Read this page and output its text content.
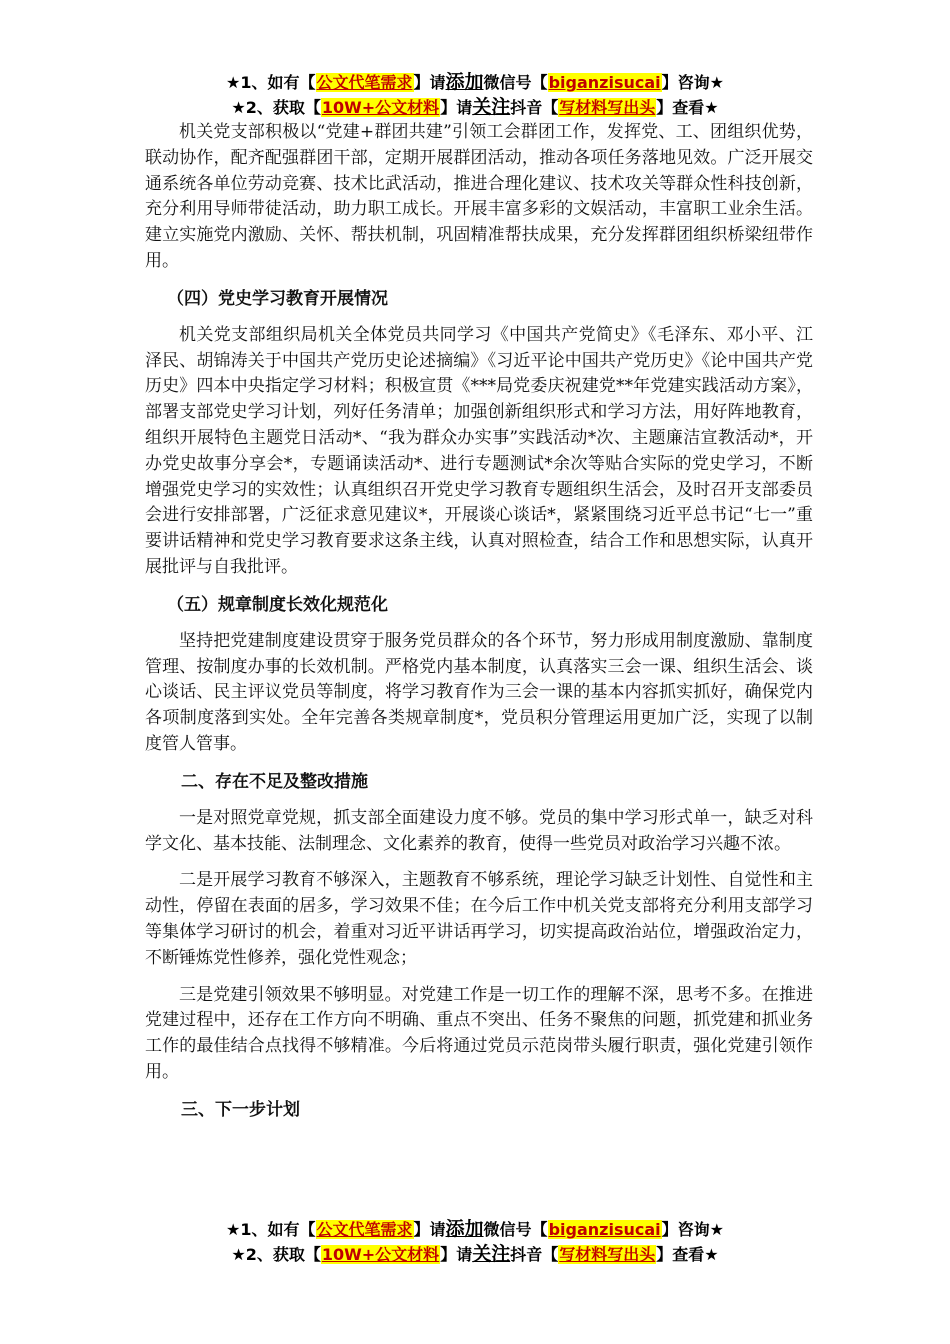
★1、如有【公文代笔需求】请添加微信号【biganzisucai】咨询★
★2、获取【10W+公文材料】请关注抖音【写材料写出头】查看★

机关党支部积极以“党建+群团共建”引领工会群团工作，发挥党、工、团组织优势，联动协作，配齐配强群团干部，定期开展群团活动，推动各项任务落地见效。广泛开展交通系统各单位劳动竞赛、技术比武活动，推进合理化建议、技术攻关等群众性科技创新，充分利用导师带徒活动，助力职工成长。开展丰富多彩的文娱活动，丰富职工业余生活。建立实施党内激励、关怀、帮扶机制，巩固精准帮扶成果，充分发挥群团组织桥梁纽带作用。

（四）党史学习教育开展情况

机关党支部组织局机关全体党员共同学习《中国共产党简史》《毛泽东、邓小平、江泽民、胡锦涛关于中国共产党历史论述摘编》《习近平论中国共产党历史》《论中国共产党历史》四本中央指定学习材料；积极宣贯《***局党委庆祝建党**年党建实践活动方案》，部署支部党史学习计划，列好任务清单；加强创新组织形式和学习方法，用好阵地教育，组织开展特色主题党日活动*、“我为群众办实事”实践活动*次、主题廉洁宣教活动*，开办党史故事分享会*，专题诵读活动*、进行专题测试*余次等贴合实际的党史学习，不断增强党史学习的实效性；认真组织召开党史学习教育专题组织生活会，及时召开支部委员会进行安排部署，广泛征求意见建议*，开展谈心谈话*，紧紧围绕习近平总书记“七一”重要讲话精神和党史学习教育要求这条主线，认真对照检查，结合工作和思想实际，认真开展批评与自我批评。

（五）规章制度长效化规范化

坚持把党建制度建设贯穿于服务党员群众的各个环节，努力形成用制度激励、靠制度管理、按制度办事的长效机制。严格党内基本制度，认真落实三会一课、组织生活会、谈心谈话、民主评议党员等制度，将学习教育作为三会一课的基本内容抓实抓好，确保党内各项制度落到实处。全年完善各类规章制度*，党员积分管理运用更加广泛，实现了以制度管人管事。

二、存在不足及整改措施

一是对照党章党规，抓支部全面建设力度不够。党员的集中学习形式单一，缺乏对科学文化、基本技能、法制理念、文化素养的教育，使得一些党员对政治学习兴趣不浓。

二是开展学习教育不够深入，主题教育不够系统，理论学习缺乏计划性、自觉性和主动性，停留在表面的居多，学习效果不佳；在今后工作中机关党支部将充分利用支部学习等集体学习研讨的机会，着重对习近平讲话再学习，切实提高政治站位，增强政治定力，不断锤炼党性修养，强化党性观念；

三是党建引领效果不够明显。对党建工作是一切工作的理解不深，思考不多。在推进党建过程中，还存在工作方向不明确、重点不突出、任务不聚焦的问题，抓党建和抓业务工作的最佳结合点找得不够精准。今后将通过党员示范岗带头履行职责，强化党建引领作用。

三、下一步计划
★1、如有【公文代笔需求】请添加微信号【biganzisucai】咨询★
★2、获取【10W+公文材料】请关注抖音【写材料写出头】查看★
